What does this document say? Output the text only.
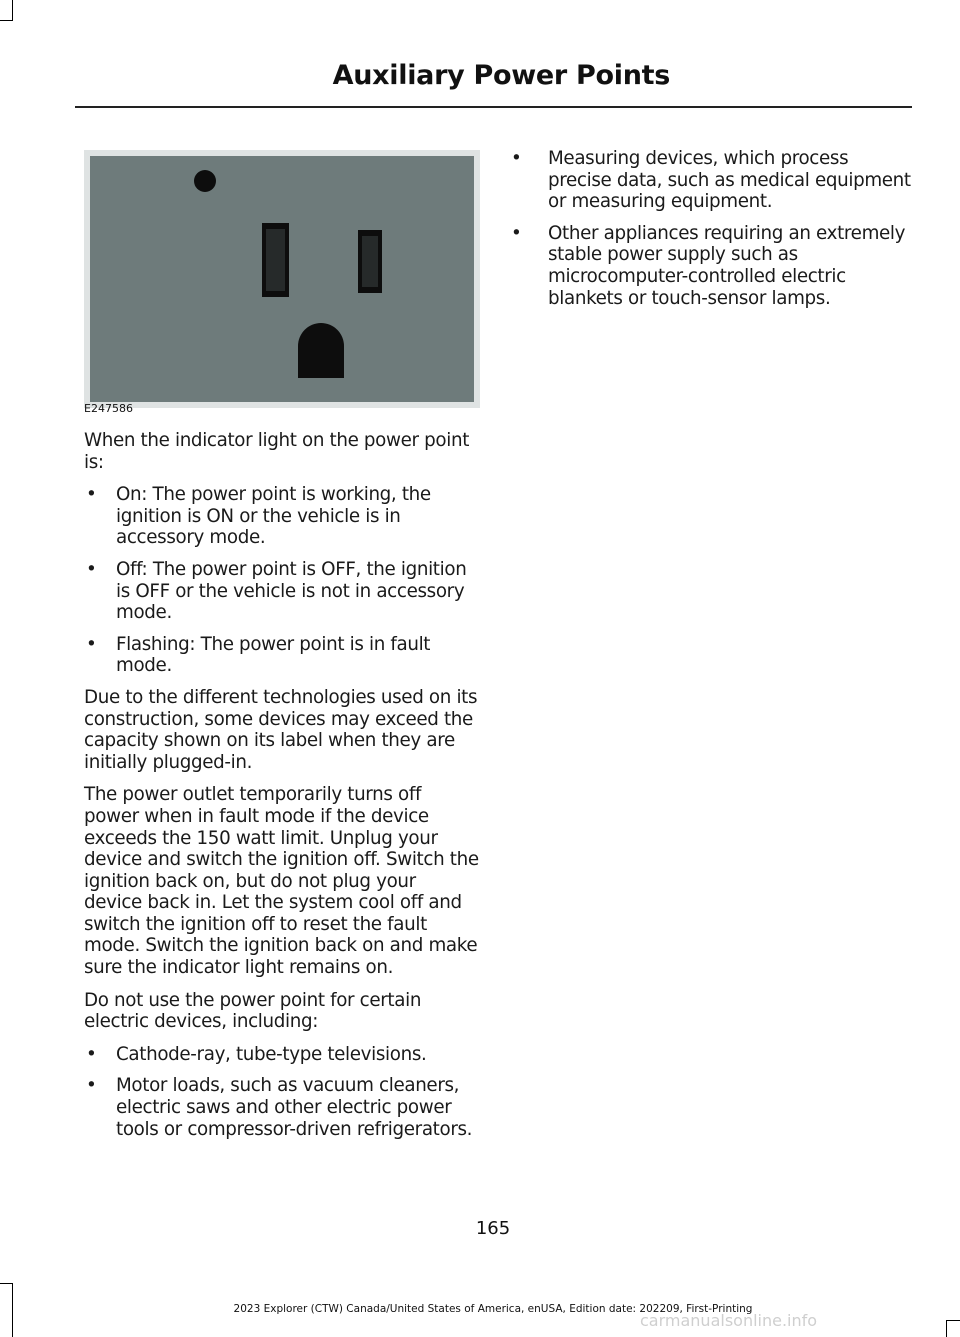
Auxiliary Power Points
E247586

When the indicator light on the power point is:

• On: The power point is working, the ignition is ON or the vehicle is in accessory mode.
• Off: The power point is OFF, the ignition is OFF or the vehicle is not in accessory mode.
• Flashing: The power point is in fault mode.

Due to the different technologies used on its construction, some devices may exceed the capacity shown on its label when they are initially plugged-in.

The power outlet temporarily turns off power when in fault mode if the device exceeds the 150 watt limit. Unplug your device and switch the ignition off. Switch the ignition back on, but do not plug your device back in. Let the system cool off and switch the ignition off to reset the fault mode. Switch the ignition back on and make sure the indicator light remains on.

Do not use the power point for certain electric devices, including:

• Cathode-ray, tube-type televisions.
• Motor loads, such as vacuum cleaners, electric saws and other electric power tools or compressor-driven refrigerators.
• Measuring devices, which process precise data, such as medical equipment or measuring equipment.
• Other appliances requiring an extremely stable power supply such as microcomputer-controlled electric blankets or touch-sensor lamps.
165
2023 Explorer (CTW) Canada/United States of America, enUSA, Edition date: 202209, First-Printing
carmanualsonline.info
